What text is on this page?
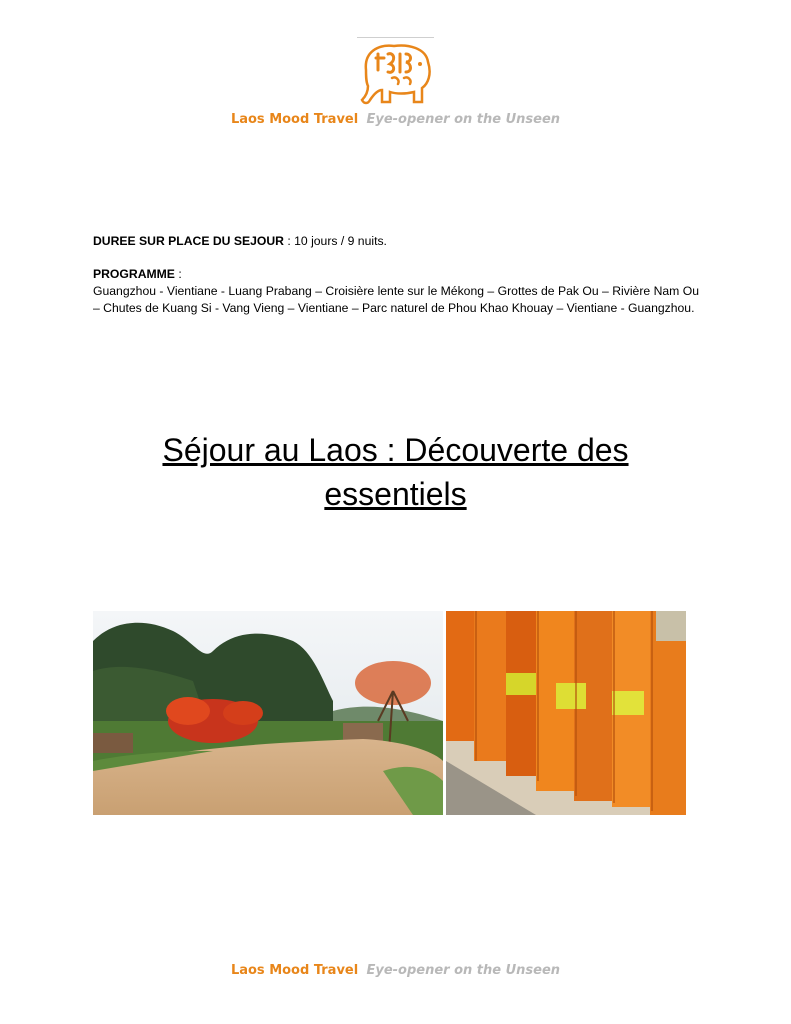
Laos Mood Travel Eye-opener on the Unseen
DUREE SUR PLACE DU SEJOUR : 10 jours / 9 nuits.
PROGRAMME :
Guangzhou - Vientiane - Luang Prabang – Croisière lente sur le Mékong – Grottes de Pak Ou – Rivière Nam Ou – Chutes de Kuang Si - Vang Vieng – Vientiane – Parc naturel de Phou Khao Khouay – Vientiane - Guangzhou.
Séjour au Laos : Découverte des
essentiels
Laos Mood Travel Eye-opener on the Unseen
